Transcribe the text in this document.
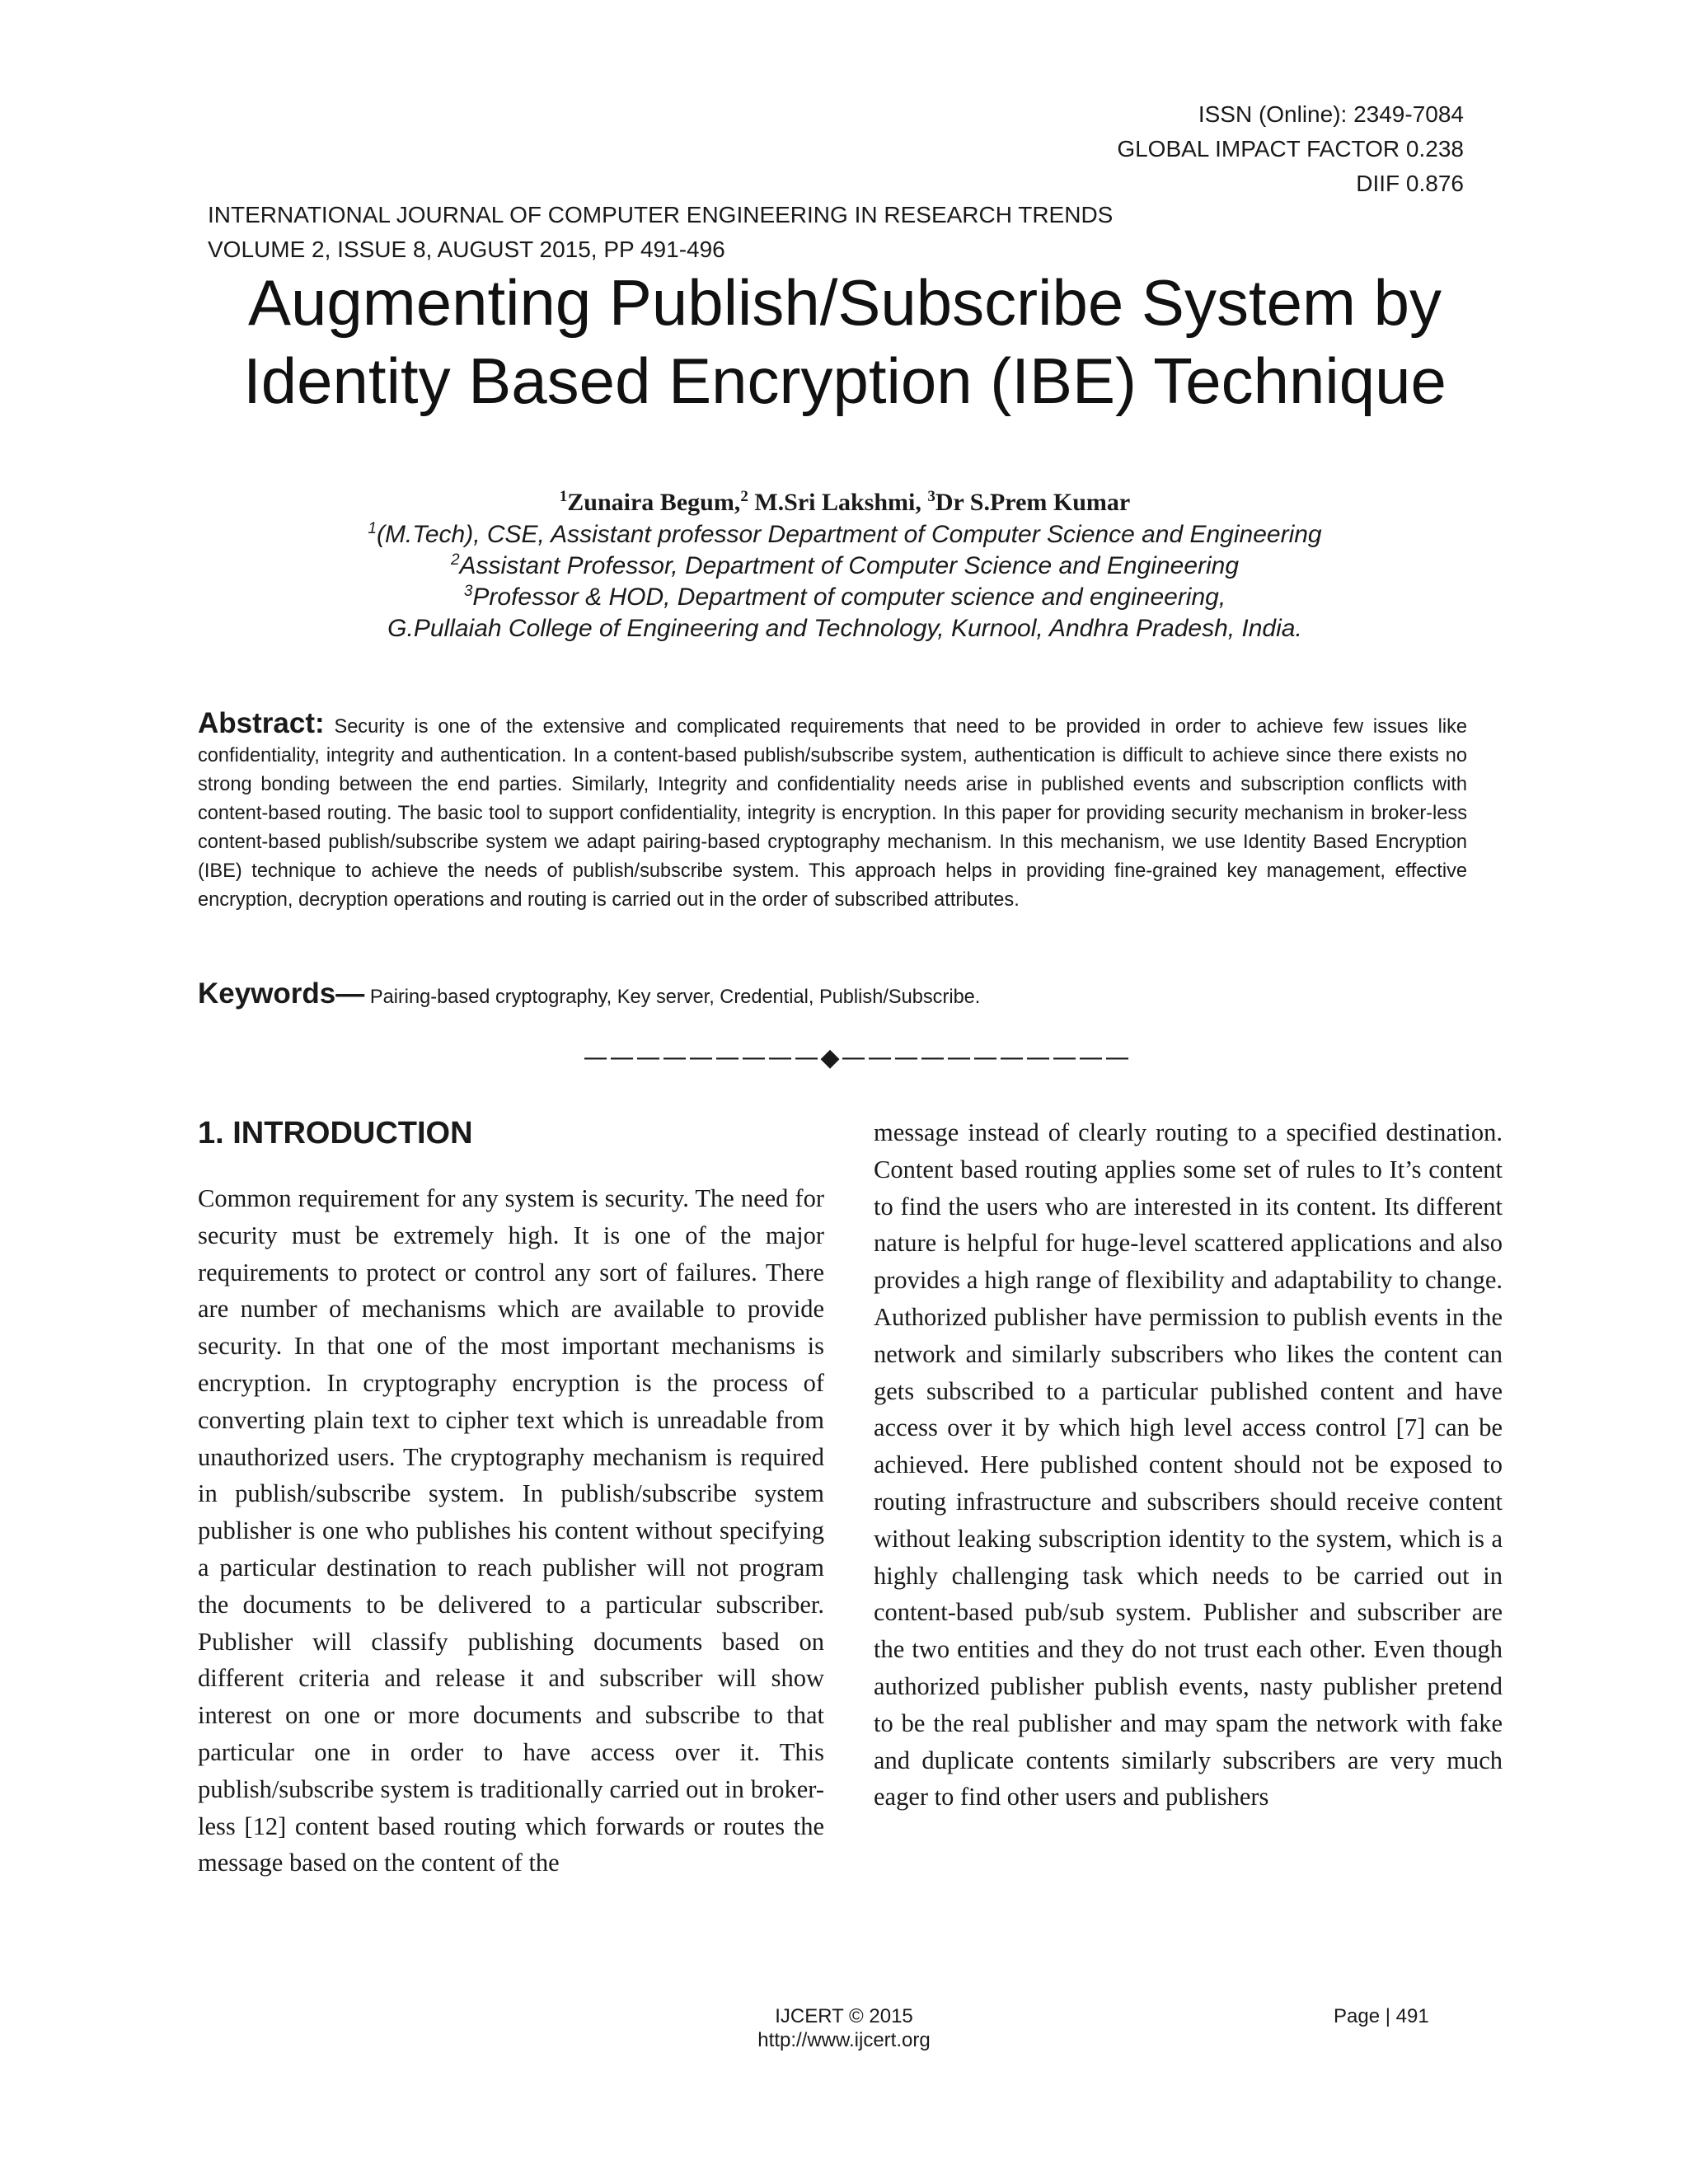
ISSN (Online): 2349-7084
GLOBAL IMPACT FACTOR 0.238
DIIF 0.876
INTERNATIONAL JOURNAL OF COMPUTER ENGINEERING IN RESEARCH TRENDS
VOLUME 2, ISSUE 8, AUGUST 2015, PP 491-496
Augmenting Publish/Subscribe System by
Identity Based Encryption (IBE) Technique
$^1$Zunaira Begum,$^2$ M.Sri Lakshmi, $^3$Dr S.Prem Kumar
$^1$(M.Tech), CSE, Assistant professor Department of Computer Science and Engineering
$^2$Assistant Professor, Department of Computer Science and Engineering
$^3$Professor & HOD, Department of computer science and engineering,
G.Pullaiah College of Engineering and Technology, Kurnool, Andhra Pradesh, India.
Abstract: Security is one of the extensive and complicated requirements that need to be provided in order to achieve few issues like confidentiality, integrity and authentication. In a content-based publish/subscribe system, authentication is difficult to achieve since there exists no strong bonding between the end parties. Similarly, Integrity and confidentiality needs arise in published events and subscription conflicts with content-based routing. The basic tool to support confidentiality, integrity is encryption. In this paper for providing security mechanism in broker-less content-based publish/subscribe system we adapt pairing-based cryptography mechanism. In this mechanism, we use Identity Based Encryption (IBE) technique to achieve the needs of publish/subscribe system. This approach helps in providing fine-grained key management, effective encryption, decryption operations and routing is carried out in the order of subscribed attributes.
Keywords— Pairing-based cryptography, Key server, Credential, Publish/Subscribe.
—————————◆———————————
1. INTRODUCTION
Common requirement for any system is security. The need for security must be extremely high. It is one of the major requirements to protect or control any sort of failures. There are number of mechanisms which are available to provide security. In that one of the most important mechanisms is encryption. In cryptography encryption is the process of converting plain text to cipher text which is unreadable from unauthorized users. The cryptography mechanism is required in publish/subscribe system. In publish/subscribe system publisher is one who publishes his content without specifying a particular destination to reach publisher will not program the documents to be delivered to a particular subscriber. Publisher will classify publishing documents based on different criteria and release it and subscriber will show interest on one or more documents and subscribe to that particular one in order to have access over it. This publish/subscribe system is traditionally carried out in broker-less [12] content based routing which forwards or routes the message based on the content of the
message instead of clearly routing to a specified destination. Content based routing applies some set of rules to It’s content to find the users who are interested in its content. Its different nature is helpful for huge-level scattered applications and also provides a high range of flexibility and adaptability to change. Authorized publisher have permission to publish events in the network and similarly subscribers who likes the content can gets subscribed to a particular published content and have access over it by which high level access control [7] can be achieved. Here published content should not be exposed to routing infrastructure and subscribers should receive content without leaking subscription identity to the system, which is a highly challenging task which needs to be carried out in content-based pub/sub system. Publisher and subscriber are the two entities and they do not trust each other. Even though authorized publisher publish events, nasty publisher pretend to be the real publisher and may spam the network with fake and duplicate contents similarly subscribers are very much eager to find other users and publishers
IJCERT © 2015
http://www.ijcert.org
Page | 491
